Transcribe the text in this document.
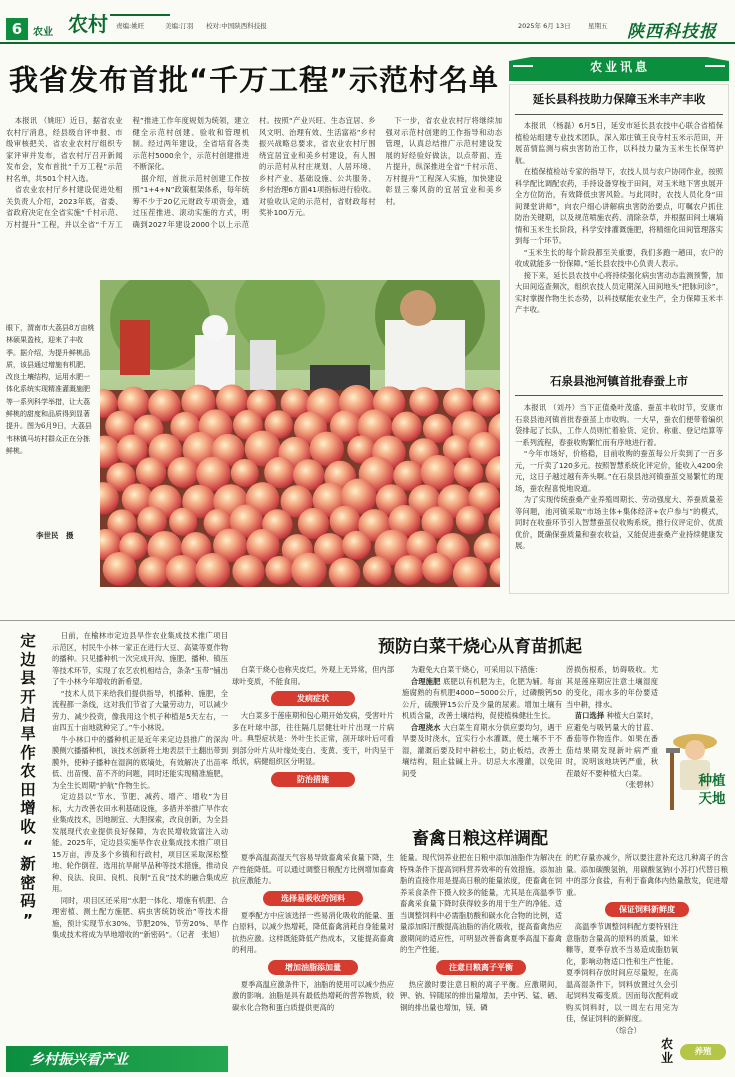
6	农业 农村 责编:姚旺	美编:汀羽 校对:中国陕西科技报	2025年 6月 13日	星期五 陕西科技报
我省发布首批“千万工程”示范村名单

本报讯 （姚旺）近日，据省农业农村厅消息，经县级自评申报、市级审核把关、省农业农村厅组织专家评审并发布，省农村厅召开新闻发布会，发布首批“千万工程”示范村名单，共501个村入选。

省农业农村厅乡村建设促进处相关负责人介绍，2023年底，省委、省政府决定在全省实施“千村示范、万村提升”工程，并以全省“千万工程”推进工作年度规划为统领，建立健全示范村创建、验收和管理机制。经过两年建设，全省培育各类示范村5000余个，示范村创建推进不断深化。

据介绍，首批示范村创建工作按照“1+4+N”政策框架体系，每年统筹不少于20亿元财政专项资金，通过压茬推进、滚动实施的方式，明确到2027年建设2000个以上示范村。按照“产业兴旺、生态宜居、乡风文明、治理有效、生活富裕”乡村振兴战略总要求，省农业农村厅围绕宜居宜业和美乡村建设，有人围的示范村从村庄规划、人居环境、乡村产业、基础设施、公共服务、乡村治理6方面41项指标进行验收。对验收认定的示范村，省财政每村奖补100万元。

下一步，省农业农村厅将继续加强对示范村创建的工作指导和动态管理，认真总结推广示范村建设发展的好经验好做法，以点带面、连片提升，纵深推进全省“千村示范、万村提升”工程深入实施，加快建设彰显三秦风韵的宜居宜业和美乡村。

眼下，渭南市大荔县8万亩桃林硕果盈枝，迎来了丰收季。据介绍，为提升鲜桃品质，该县通过增施有机肥、改良土壤结构，运用水肥一体化系统实现精准灌溉施肥等一系列科学举措，让大荔鲜桃的甜度和品质得到显著提升。图为6月9日，大荔县韦林镇马坊村群众正在分拣鲜桃。
李世民　摄
农业讯息
延长县科技助力保障玉米丰产丰收

本报讯 （杨磊）6月5日，延安市延长县农技中心联合省植保植检站组建专业技术团队，深入郑庄镇王良寺村玉米示范田，开展苗情监测与病虫害防治工作，以科技力量为玉米生长保驾护航。

在植保植检站专家的指导下，农技人员与农户协同作业，按照科学配比调配农药，手持设备穿梭于田间，对玉米地下害虫展开全方位防治，有效降低虫害风险。与此同时，农技人员化身“田间课堂讲师”，向农户细心讲解病虫害防治要点，叮嘱农户抓住防治关键期，以及规范喷施农药、清除杂草，并根据田间土壤墒情和玉米生长阶段，科学安排灌溉施肥，将精细化田间管理落实到每一个环节。

“玉米生长的每个阶段都至关重要，我们多跑一趟田，农户的收成就能多一份保障。”延长县农技中心负责人表示。

接下来，延长县农技中心将持续强化病虫害动态监测预警，加大田间巡查频次，组织农技人员定期深入田间地头“把脉问诊”，实时掌握作物生长态势，以科技赋能农业生产，全力保障玉米丰产丰收。

石泉县池河镇首批春蚕上市

本报讯 （刘丹）当下正值桑叶茂盛、蚕茧丰收时节，安康市石泉县池河镇首批春蚕茧上市收购。一大早，蚕农们便带着编织袋排起了长队，工作人员则忙着验货、定价、称重、登记结算等一系列流程，春蚕收购繁忙而有序地进行着。

“今年市场好，价格稳，目前收购的蚕茧每公斤卖到了一百多元，一斤卖了120多元。按照智慧系统化评定价，能收入4200余元，这日子越过越有奔头啊。”在石泉县池河镇蚕茧交易繁忙的现场，蚕农程喜悦地说道。

为了实现传统蚕桑产业养殖周期长、劳动强度大、养蚕质量差等问题，池河镇采取“市场主体+集体经济+农户参与”的模式，同时在收蚕环节引入智慧蚕茧仪收购系统，推行仪评定价、优质优价，既确保蚕质量和蚕农收益，又能促进蚕桑产业持续健康发展。

定
边
县
开
启
旱
作
农
田
增
收
“
新
密
码
”

日前，在榆林市定边县旱作农业集成技术推广项目示范区，村民牛小林一家正在进行大豆、高粱等夏作物的播种。只见播种机一次完成开沟、施肥、播种、镇压等技术环节，实现了农艺农机相结合，条条“玉带”铺出了牛小林今年增收的新希望。

“技术人员下来给我们提供指导，机播种、施肥，全流程都一条线，这对我们节省了大量劳动力，可以减少劳力、减少投资，像我用这个机子种植是5天左右，一亩四五十亩地就种完了。”牛小林说。

牛小林口中的播种机正是近年来定边县推广的深沟膜侧穴播播种机，该技术创新将土地表层干土翻出带到膜外，使种子播种在湿润的底墒处，有效解决了出苗率低、出苗慢、苗不齐的问题，同时还能实现精准施肥，为全生长周期“护航”作物生长。

定边县以“节水、节肥、减药、增产、增收”为目标，大力改善农田水利基础设施，多措并举推广旱作农业集成技术，因地制宜、大胆探索，改良创新，为全县发展现代农业提供良好保障，为农民增收致富注入动能。2025年，定边县实施旱作农业集成技术推广项目15万亩，涉及多个乡镇和行政村，项目区采取深松整地、轮作倒茬、选用抗旱耐旱品种等技术措施，推动良种、良法、良田、良机、良制“五良”技术的融合集成应用。

同时，项目区还采用“水肥一体化、增施有机肥、合理密植、测土配方施肥、病虫害统防统治”等技术措施，预计实现节水30%、节肥20%、节劳20%、旱作集成技术将成为旱地增收的“新密码”。（记者　张旭）

预防白菜干烧心从育苗抓起

白菜干烧心也称夹皮烂，外观上无异常，但内部球叶变质，不能食用。

发病症状

大白菜多于莲座期和包心期开始发病，受害叶片多在叶球中部，往往隔几层健壮叶片出现一片病叶。典型症状是：外叶生长正常，剖开球叶后可看到部分叶片从叶缘处变白、变黄、变干，叶肉呈干纸状，病健组织区分明显。

防治措施

为避免大白菜干烧心，可采用以下措施：

合理施肥 底肥以有机肥为主，化肥为辅。每亩施腐熟的有机肥4000~5000公斤，过磷酸钙50公斤，硫酸钾15公斤及少量的尿素。增加土壤有机质含量，改善土壤结构，促使植株健壮生长。

合理浇水 大白菜生育期水分供应要均匀，遇干旱要及时浇水，宜实行小水灌溉，使土壤不干不湿，灌溉后要及时中耕松土，防止板结，改善土壤结构，阻止盐碱上升。切忌大水漫灌，以免田间受

涝损伤根系，妨碍吸收。尤其是莲座期应注意土壤湿度的变化，雨水多的年份要适当中耕，排水。

苗口选择 种植大白菜时，应避免与吸钙量大的甘蓝、番茄等作物连作。如果在番茄结果期发现新叶病严重时，说明该地块钙严重，秋茬最好不要种植大白菜。

（张碧林）	种植天地
畜禽日粮这样调配

夏季高温高湿天气容易导致畜禽采食量下降，生产性能降低。可以通过调整日粮配方比例增加畜禽抗应激能力。

选择易吸收的饲料

夏季配方中应该选择一些易消化吸收的能量、蛋白原料，以减少热增耗，降低畜禽消耗自身能量对抗热应激。这样既能降低产热成本，又能提高畜禽的利用。

增加油脂添加量

夏季高温应激条件下，油脂的使用可以减少热应激的影响。油脂是具有最低热增耗的营养物质，较碳水化合物和蛋白质提供更高的

能量。现代饲养业把在日粮中添加油脂作为解决在特殊条件下提高饲料营养效率的有效措施。添加油脂的直接作用是提高日粮的能量浓度，使畜禽在饲养采食条件下摄入较多的能量，尤其是在高温季节畜禽采食量下降时获得较多的用于生产的净能。适当调整饲料中必需脂肪酸和碳水化合物的比例，适量添加阳汗酸提高油脂的消化吸收，提高畜禽热应激期间的适应性，可明显改善畜禽夏季高温下畜禽的生产性能。

注意日粮离子平衡

热应激时要注意日粮的离子平衡。应激期间，钾、钠、锌随尿的排出量增加，丢中钙、锰、硒、铜的排出量也增加，镁、磷

的贮存量亦减少，所以要注意补充这几种离子的含量。添加碳酸氢钠，用碳酸氢钠(小苏打)代替日粮中的部分食盐，有利于畜禽体内热量散发，促进增重。

保证饲料新鲜度

高温季节调整饲料配方要特别注意脂肪含量高的原料的质量，如米糠等，夏季存放不当易造成脂肪氧化，影响动物适口性和生产性能。夏季饲料存放时间应尽量短，在高温高湿条件下，饲料放置过久会引起饲料发霉变质。因而每次配料或购买饲料时，以一周左右用完为佳，保证饲料的新鲜度。

（综合）

农业	养殖
乡村振兴看产业
